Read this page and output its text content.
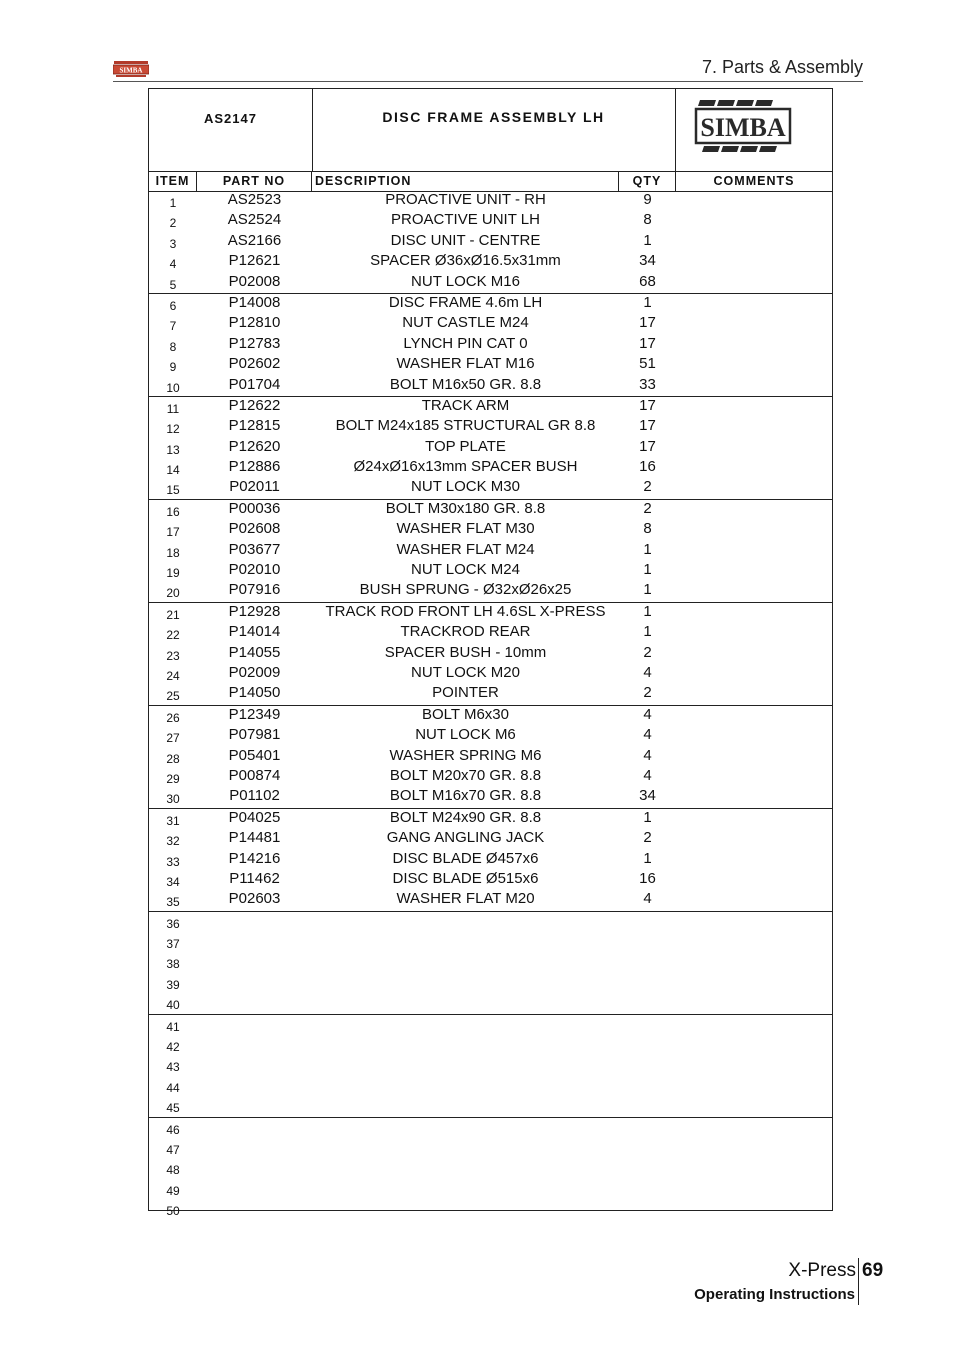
SIMBA	7. Parts & Assembly
AS2147	DISC FRAME ASSEMBLY LH	SIMBA
ITEM	PART NO	DESCRIPTION	QTY	COMMENTS
1	AS2523	PROACTIVE UNIT - RH	9
2	AS2524	PROACTIVE UNIT LH	8
3	AS2166	DISC UNIT - CENTRE	1
4	P12621	SPACER Ø36xØ16.5x31mm	34
5	P02008	NUT LOCK M16	68
6	P14008	DISC FRAME 4.6m LH	1
7	P12810	NUT CASTLE M24	17
8	P12783	LYNCH PIN CAT 0	17
9	P02602	WASHER FLAT M16	51
10	P01704	BOLT M16x50 GR. 8.8	33
11	P12622	TRACK ARM	17
12	P12815	BOLT M24x185 STRUCTURAL GR 8.8	17
13	P12620	TOP PLATE	17
14	P12886	Ø24xØ16x13mm SPACER BUSH	16
15	P02011	NUT LOCK M30	2
16	P00036	BOLT M30x180 GR. 8.8	2
17	P02608	WASHER FLAT M30	8
18	P03677	WASHER FLAT M24	1
19	P02010	NUT LOCK M24	1
20	P07916	BUSH SPRUNG - Ø32xØ26x25	1
21	P12928	TRACK ROD FRONT LH 4.6SL X-PRESS	1
22	P14014	TRACKROD REAR	1
23	P14055	SPACER BUSH - 10mm	2
24	P02009	NUT LOCK M20	4
25	P14050	POINTER	2
26	P12349	BOLT M6x30	4
27	P07981	NUT LOCK M6	4
28	P05401	WASHER SPRING M6	4
29	P00874	BOLT M20x70 GR. 8.8	4
30	P01102	BOLT M16x70 GR. 8.8	34
31	P04025	BOLT M24x90 GR. 8.8	1
32	P14481	GANG ANGLING JACK	2
33	P14216	DISC BLADE Ø457x6	1
34	P11462	DISC BLADE Ø515x6	16
35	P02603	WASHER FLAT M20	4
36
37
38
39
40
41
42
43
44
45
46
47
48
49
50
X-Press 69
Operating Instructions
